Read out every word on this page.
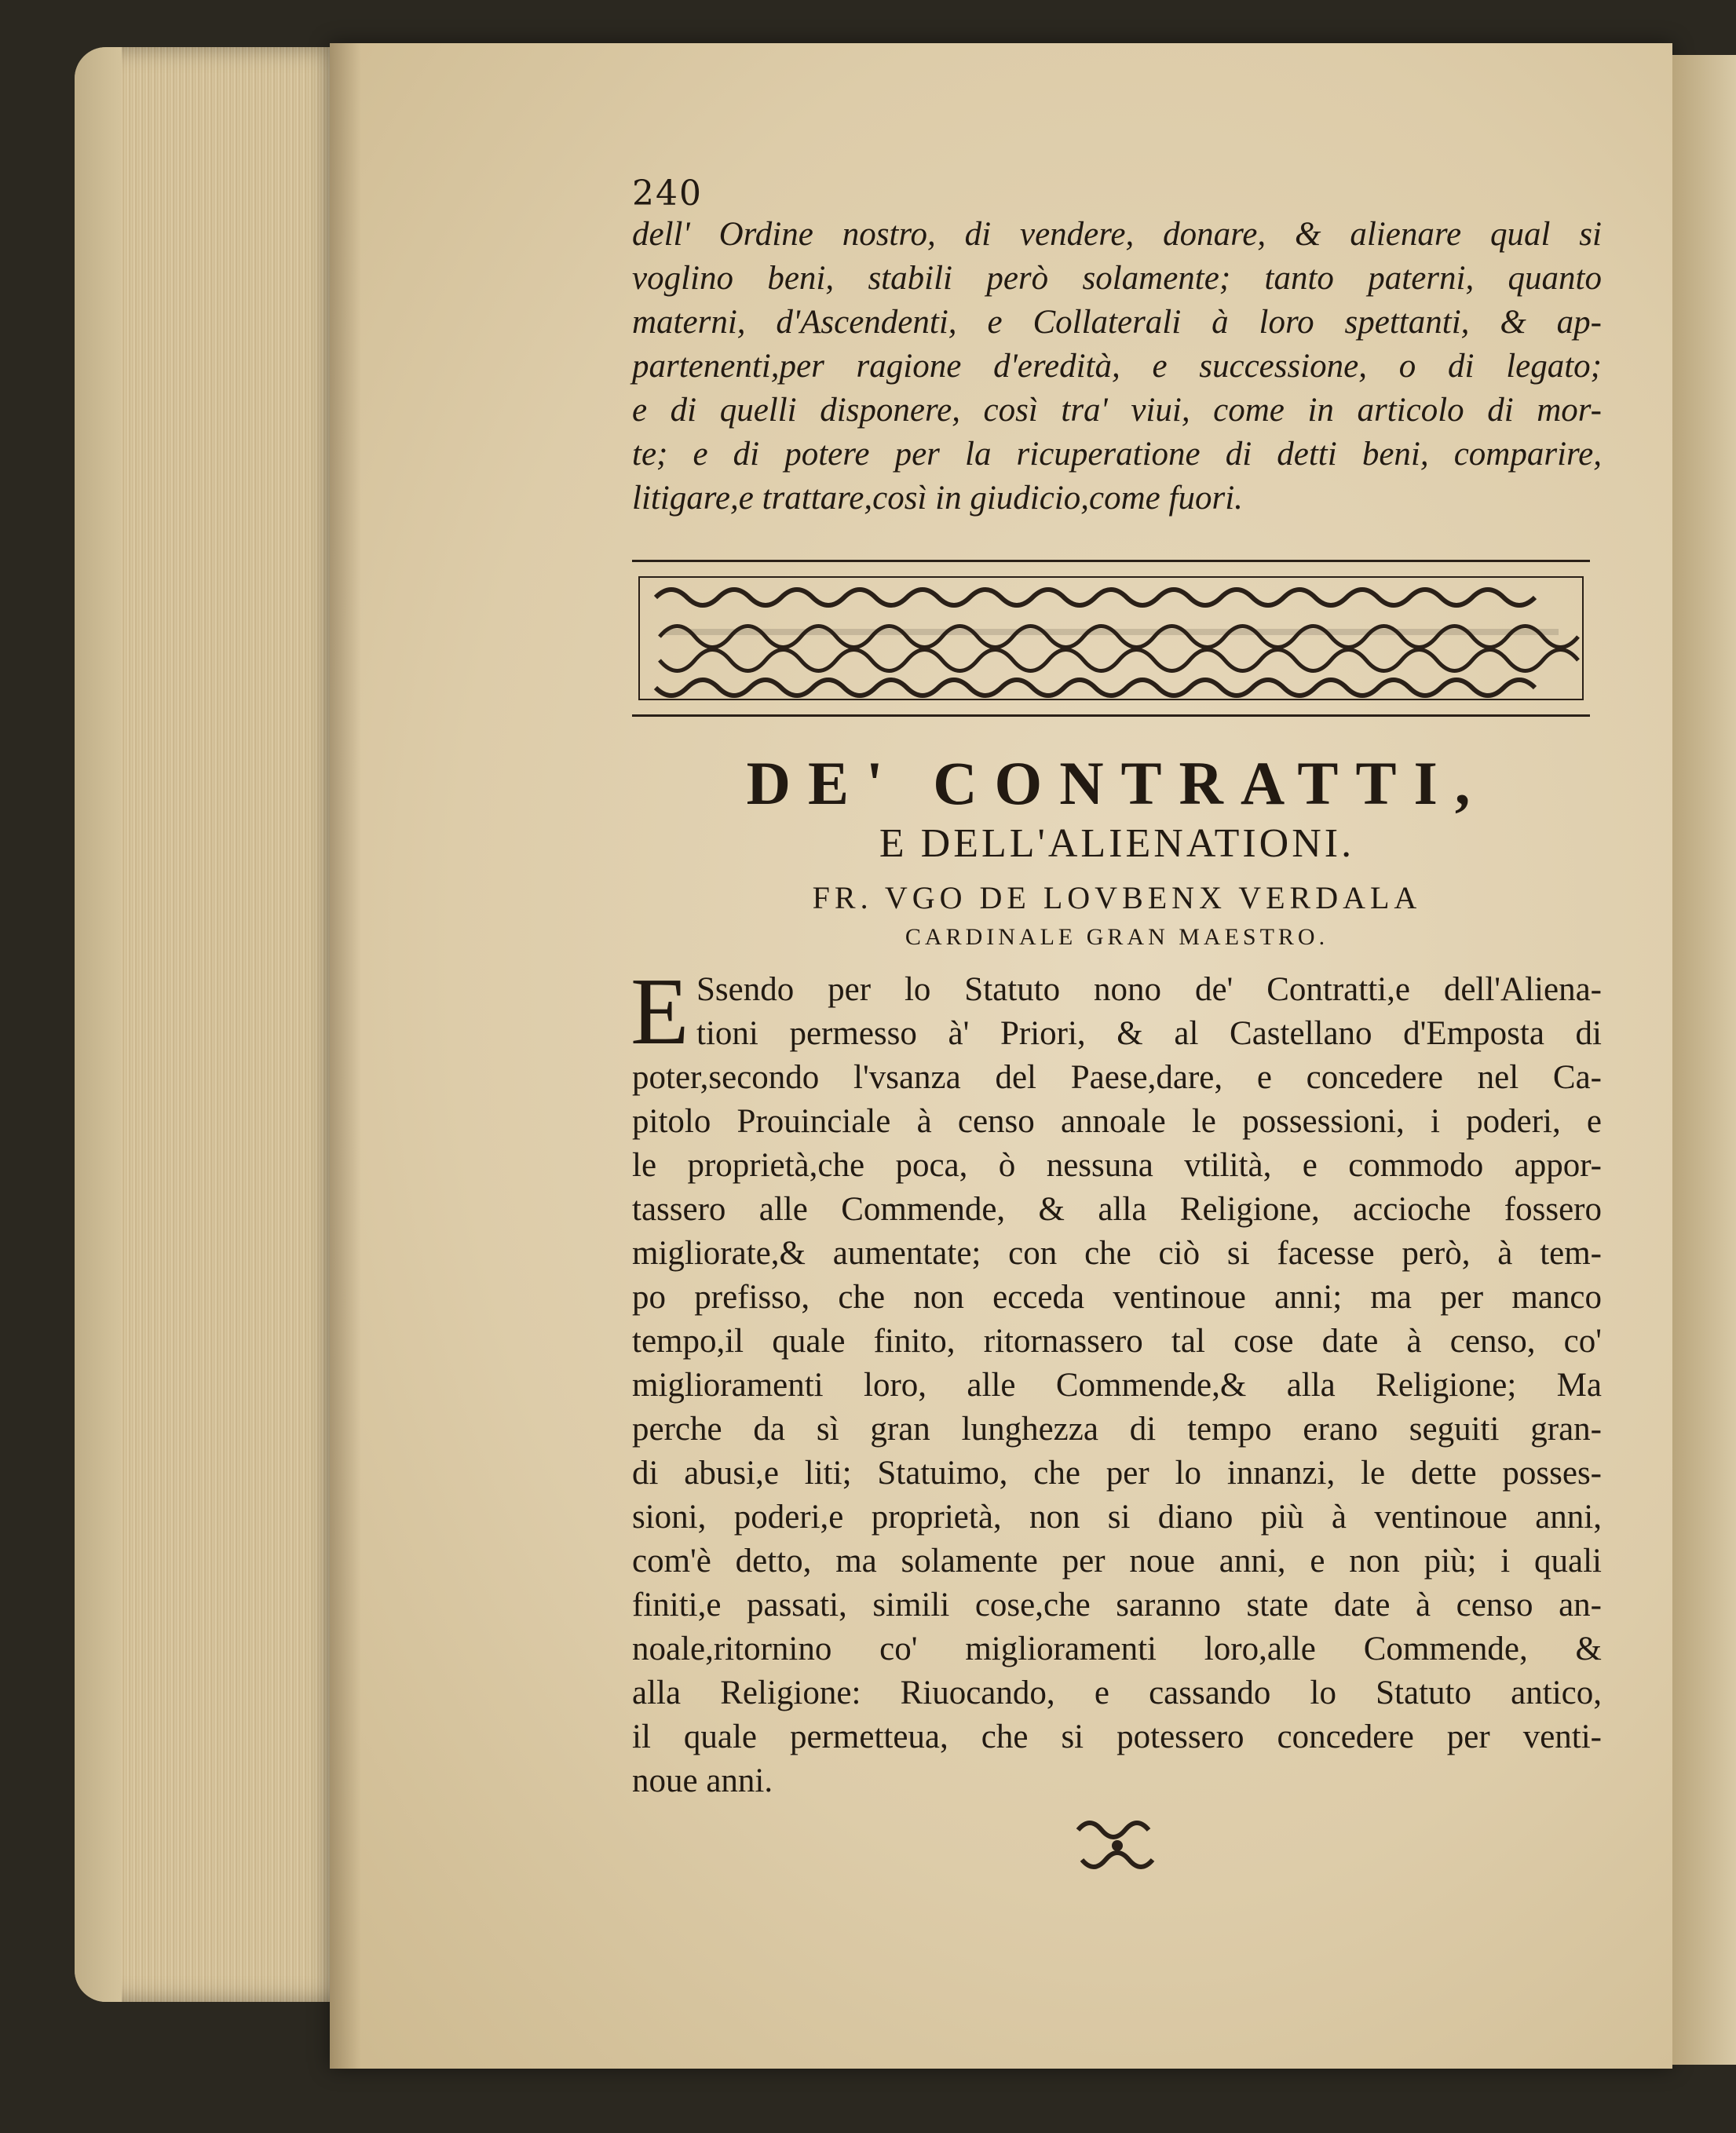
240
dell' Ordine nostro, di vendere, donare, & alienare qual si
voglino beni, stabili però solamente; tanto paterni, quanto
materni, d'Ascendenti, e Collaterali à loro spettanti, & ap-
partenenti,per ragione d'eredità, e successione, o di legato;
e di quelli disponere, così tra' viui, come in articolo di mor-
te; e di potere per la ricuperatione di detti beni, comparire,
litigare,e trattare,così in giudicio,come fuori.
DE' CONTRATTI,
E DELL'ALIENATIONI.
FR. VGO DE LOVBENX VERDALA
CARDINALE GRAN MAESTRO.
E Ssendo per lo Statuto nono de' Contratti,e dell'Aliena-
tioni permesso à' Priori, & al Castellano d'Emposta di
poter,secondo l'vsanza del Paese,dare, e concedere nel Ca-
pitolo Prouinciale à censo annoale le possessioni, i poderi, e
le proprietà,che poca, ò nessuna vtilità, e commodo appor-
tassero alle Commende, & alla Religione, accioche fossero
migliorate,& aumentate; con che ciò si facesse però, à tem-
po prefisso, che non ecceda ventinoue anni; ma per manco
tempo,il quale finito, ritornassero tal cose date à censo, co'
miglioramenti loro, alle Commende,& alla Religione; Ma
perche da sì gran lunghezza di tempo erano seguiti gran-
di abusi,e liti; Statuimo, che per lo innanzi, le dette posses-
sioni, poderi,e proprietà, non si diano più à ventinoue anni,
com'è detto, ma solamente per noue anni, e non più; i quali
finiti,e passati, simili cose,che saranno state date à censo an-
noale,ritornino co' miglioramenti loro,alle Commende, &
alla Religione: Riuocando, e cassando lo Statuto antico,
il quale permetteua, che si potessero concedere per venti-
noue anni.
